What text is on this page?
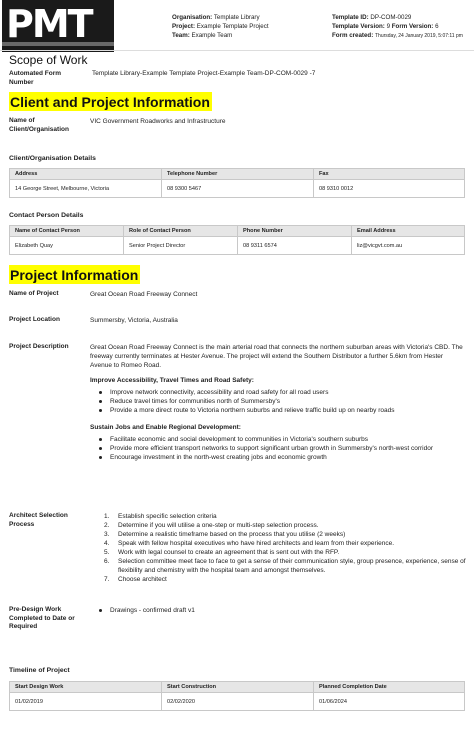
PMT	Organisation: Template Library
Project: Example Template Project
Team: Example Team
Template ID: DP-COM-0029
Template Version: 9 Form Version: 6
Form created: Thursday, 24 January 2019, 5:07:11 pm
Scope of Work
Automated Form Number
Template Library-Example Template Project-Example Team-DP-COM-0029 -7
Client and Project Information
Name of Client/Organisation
VIC Government Roadworks and Infrastructure
Client/Organisation Details
Address	Telephone Number	Fax
14 George Street, Melbourne, Victoria	08 9300 5467	08 9310 0012
Contact Person Details
Name of Contact Person	Role of Contact Person	Phone Number	Email Address
Elizabeth Quay	Senior Project Director	08 9311 6574	liz@vicgvt.com.au
Project Information
Name of Project	Great Ocean Road Freeway Connect
Project Location	Summersby, Victoria, Australia
Project Description	Great Ocean Road Freeway Connect is the main arterial road that connects the northern suburban areas with Victoria's CBD. The freeway currently terminates at Hester Avenue. The project will extend the Southern Distributor a further 5.6km from Hester Avenue to Romeo Road.

Improve Accessibility, Travel Times and Road Safety:

Improve network connectivity, accessibility and road safety for all road users
Reduce travel times for communities north of Summersby's
Provide a more direct route to Victoria northern suburbs and relieve traffic build up on nearby roads

Sustain Jobs and Enable Regional Development:

Facilitate economic and social development to communities in Victoria's southern suburbs
Provide more efficient transport networks to support significant urban growth in Summersby's north-west corridor
Encourage investment in the north-west creating jobs and economic growth
Architect Selection Process
1. Establish specific selection criteria
2. Determine if you will utilise a one-step or multi-step selection process.
3. Determine a realistic timeframe based on the process that you utilise (2 weeks)
4. Speak with fellow hospital executives who have hired architects and learn from their experience.
5. Work with legal counsel to create an agreement that is sent out with the RFP.
6. Selection committee meet face to face to get a sense of their communication style, group presence, experience, sense of flexibility and chemistry with the hospital team and amongst themselves.
7. Choose architect
Pre-Design Work Completed to Date or Required
Drawings - confirmed draft v1
Timeline of Project
Start Design Work	Start Construction	Planned Completion Date
01/02/2019	02/02/2020	01/06/2024
